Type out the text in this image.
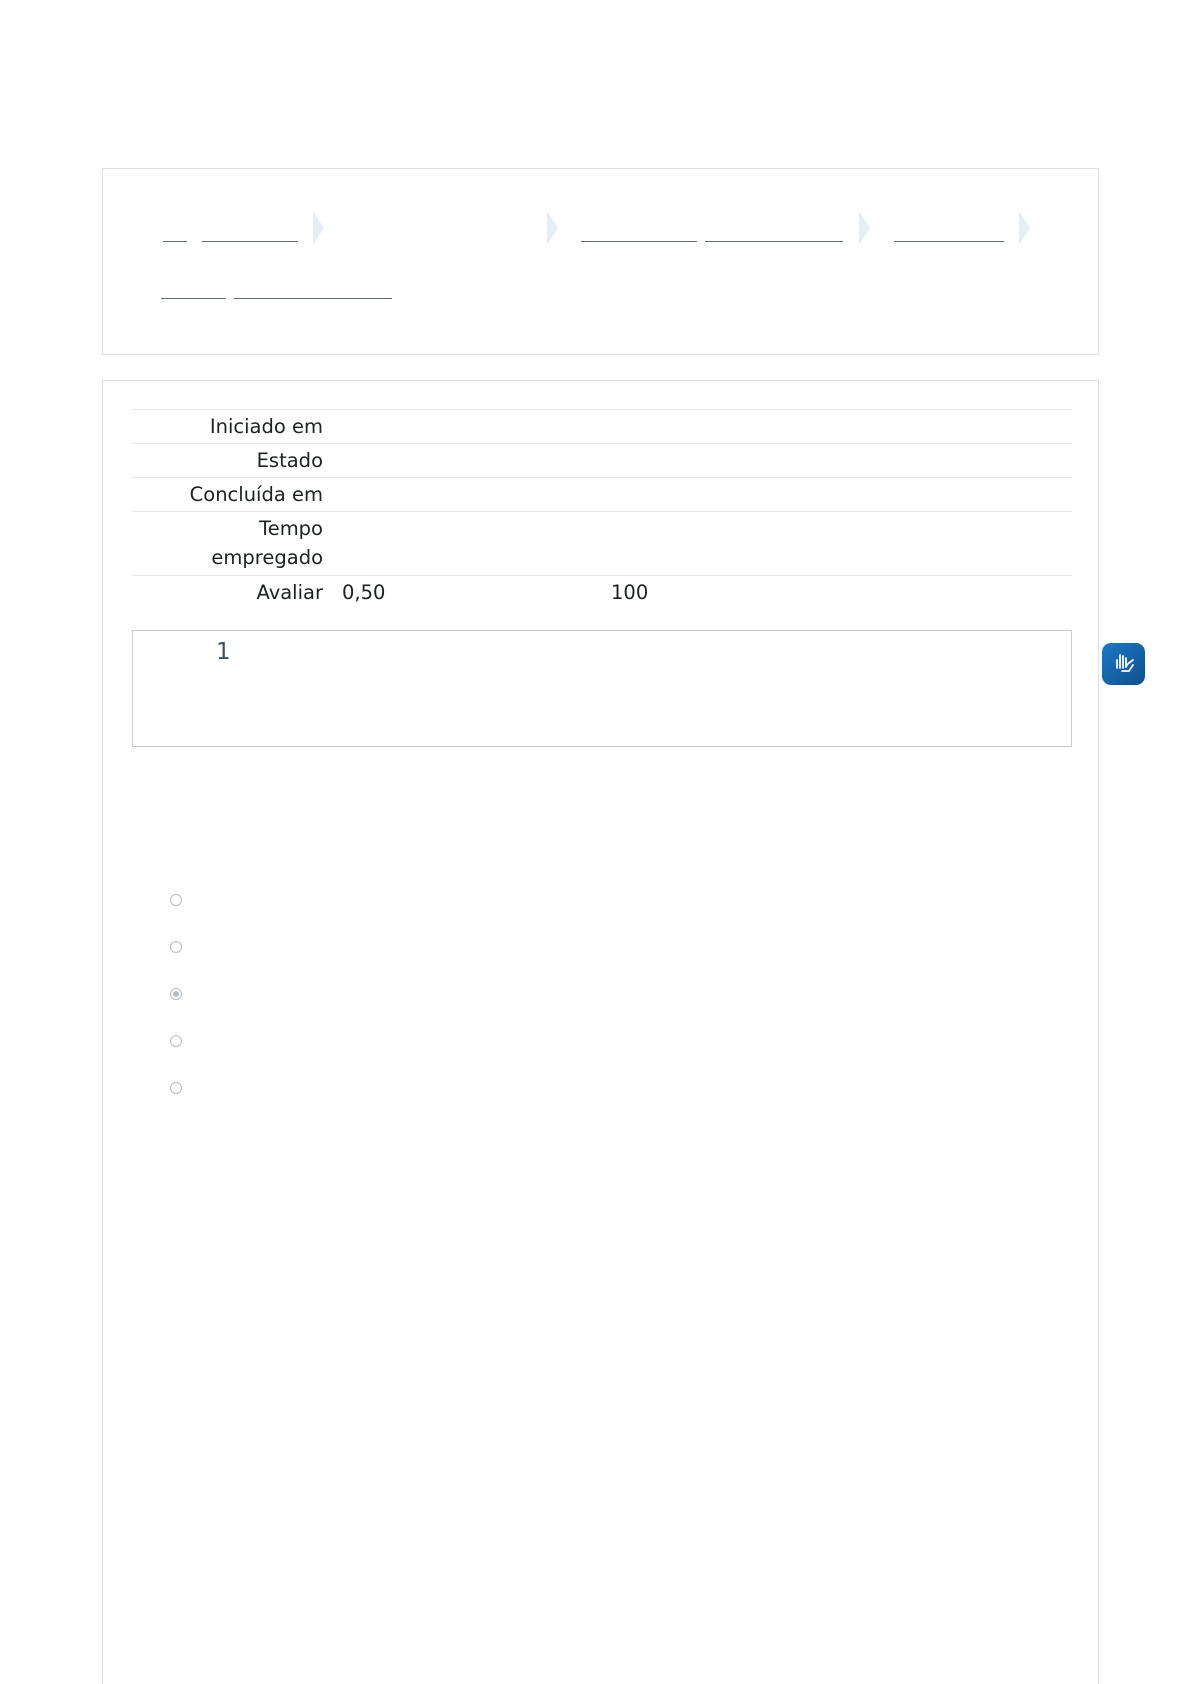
Iniciado em
Estado
Concluída em
Tempo
empregado
Avaliar 0,50	100
1
